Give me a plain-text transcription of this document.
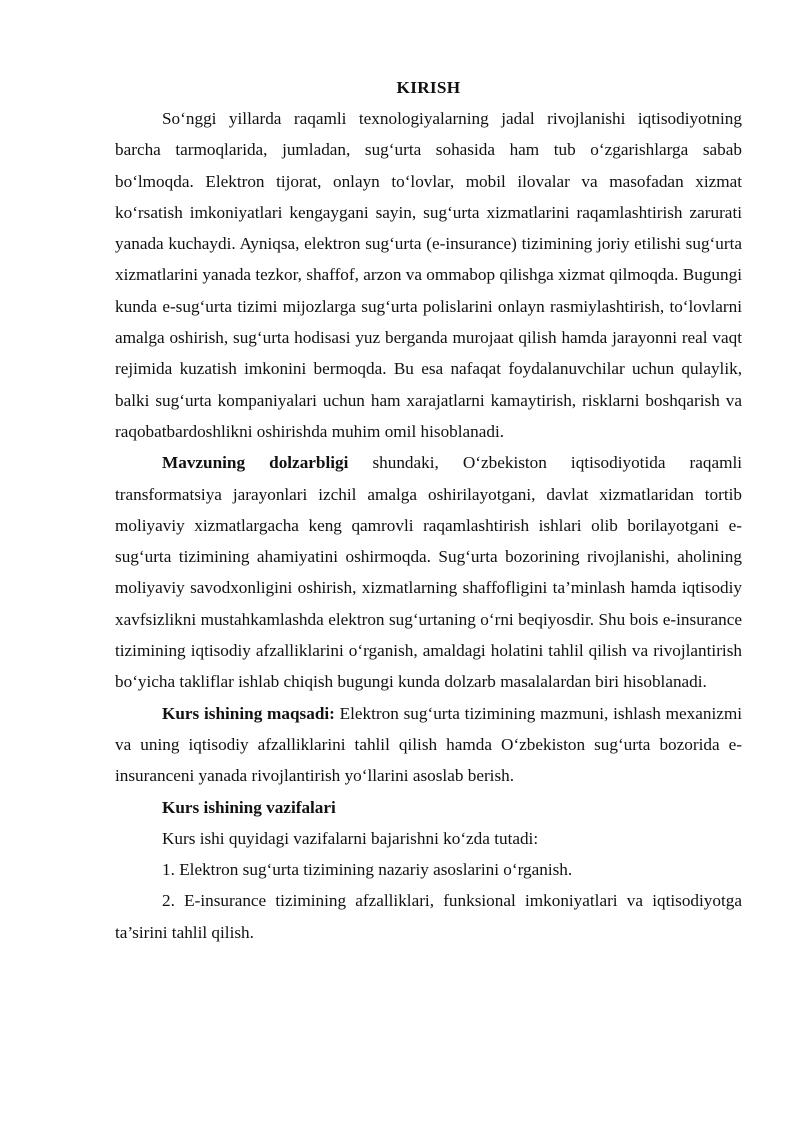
KIRISH

So‘nggi yillarda raqamli texnologiyalarning jadal rivojlanishi iqtisodiyotning barcha tarmoqlarida, jumladan, sug‘urta sohasida ham tub o‘zgarishlarga sabab bo‘lmoqda. Elektron tijorat, onlayn to‘lovlar, mobil ilovalar va masofadan xizmat ko‘rsatish imkoniyatlari kengaygani sayin, sug‘urta xizmatlarini raqamlashtirish zarurati yanada kuchaydi. Ayniqsa, elektron sug‘urta (e-insurance) tizimining joriy etilishi sug‘urta xizmatlarini yanada tezkor, shaffof, arzon va ommabop qilishga xizmat qilmoqda. Bugungi kunda e-sug‘urta tizimi mijozlarga sug‘urta polislarini onlayn rasmiylashtirish, to‘lovlarni amalga oshirish, sug‘urta hodisasi yuz berganda murojaat qilish hamda jarayonni real vaqt rejimida kuzatish imkonini bermoqda. Bu esa nafaqat foydalanuvchilar uchun qulaylik, balki sug‘urta kompaniyalari uchun ham xarajatlarni kamaytirish, risklarni boshqarish va raqobatbardoshlikni oshirishda muhim omil hisoblanadi.

Mavzuning dolzarbligi shundaki, O‘zbekiston iqtisodiyotida raqamli transformatsiya jarayonlari izchil amalga oshirilayotgani, davlat xizmatlaridan tortib moliyaviy xizmatlargacha keng qamrovli raqamlashtirish ishlari olib borilayotgani e-sug‘urta tizimining ahamiyatini oshirmoqda. Sug‘urta bozorining rivojlanishi, aholining moliyaviy savodxonligini oshirish, xizmatlarning shaffofligini ta’minlash hamda iqtisodiy xavfsizlikni mustahkamlashda elektron sug‘urtaning o‘rni beqiyosdir. Shu bois e-insurance tizimining iqtisodiy afzalliklarini o‘rganish, amaldagi holatini tahlil qilish va rivojlantirish bo‘yicha takliflar ishlab chiqish bugungi kunda dolzarb masalalardan biri hisoblanadi.

Kurs ishining maqsadi: Elektron sug‘urta tizimining mazmuni, ishlash mexanizmi va uning iqtisodiy afzalliklarini tahlil qilish hamda O‘zbekiston sug‘urta bozorida e-insuranceni yanada rivojlantirish yo‘llarini asoslab berish.

Kurs ishining vazifalari

Kurs ishi quyidagi vazifalarni bajarishni ko‘zda tutadi:

1. Elektron sug‘urta tizimining nazariy asoslarini o‘rganish.

2. E-insurance tizimining afzalliklari, funksional imkoniyatlari va iqtisodiyotga ta’sirini tahlil qilish.
